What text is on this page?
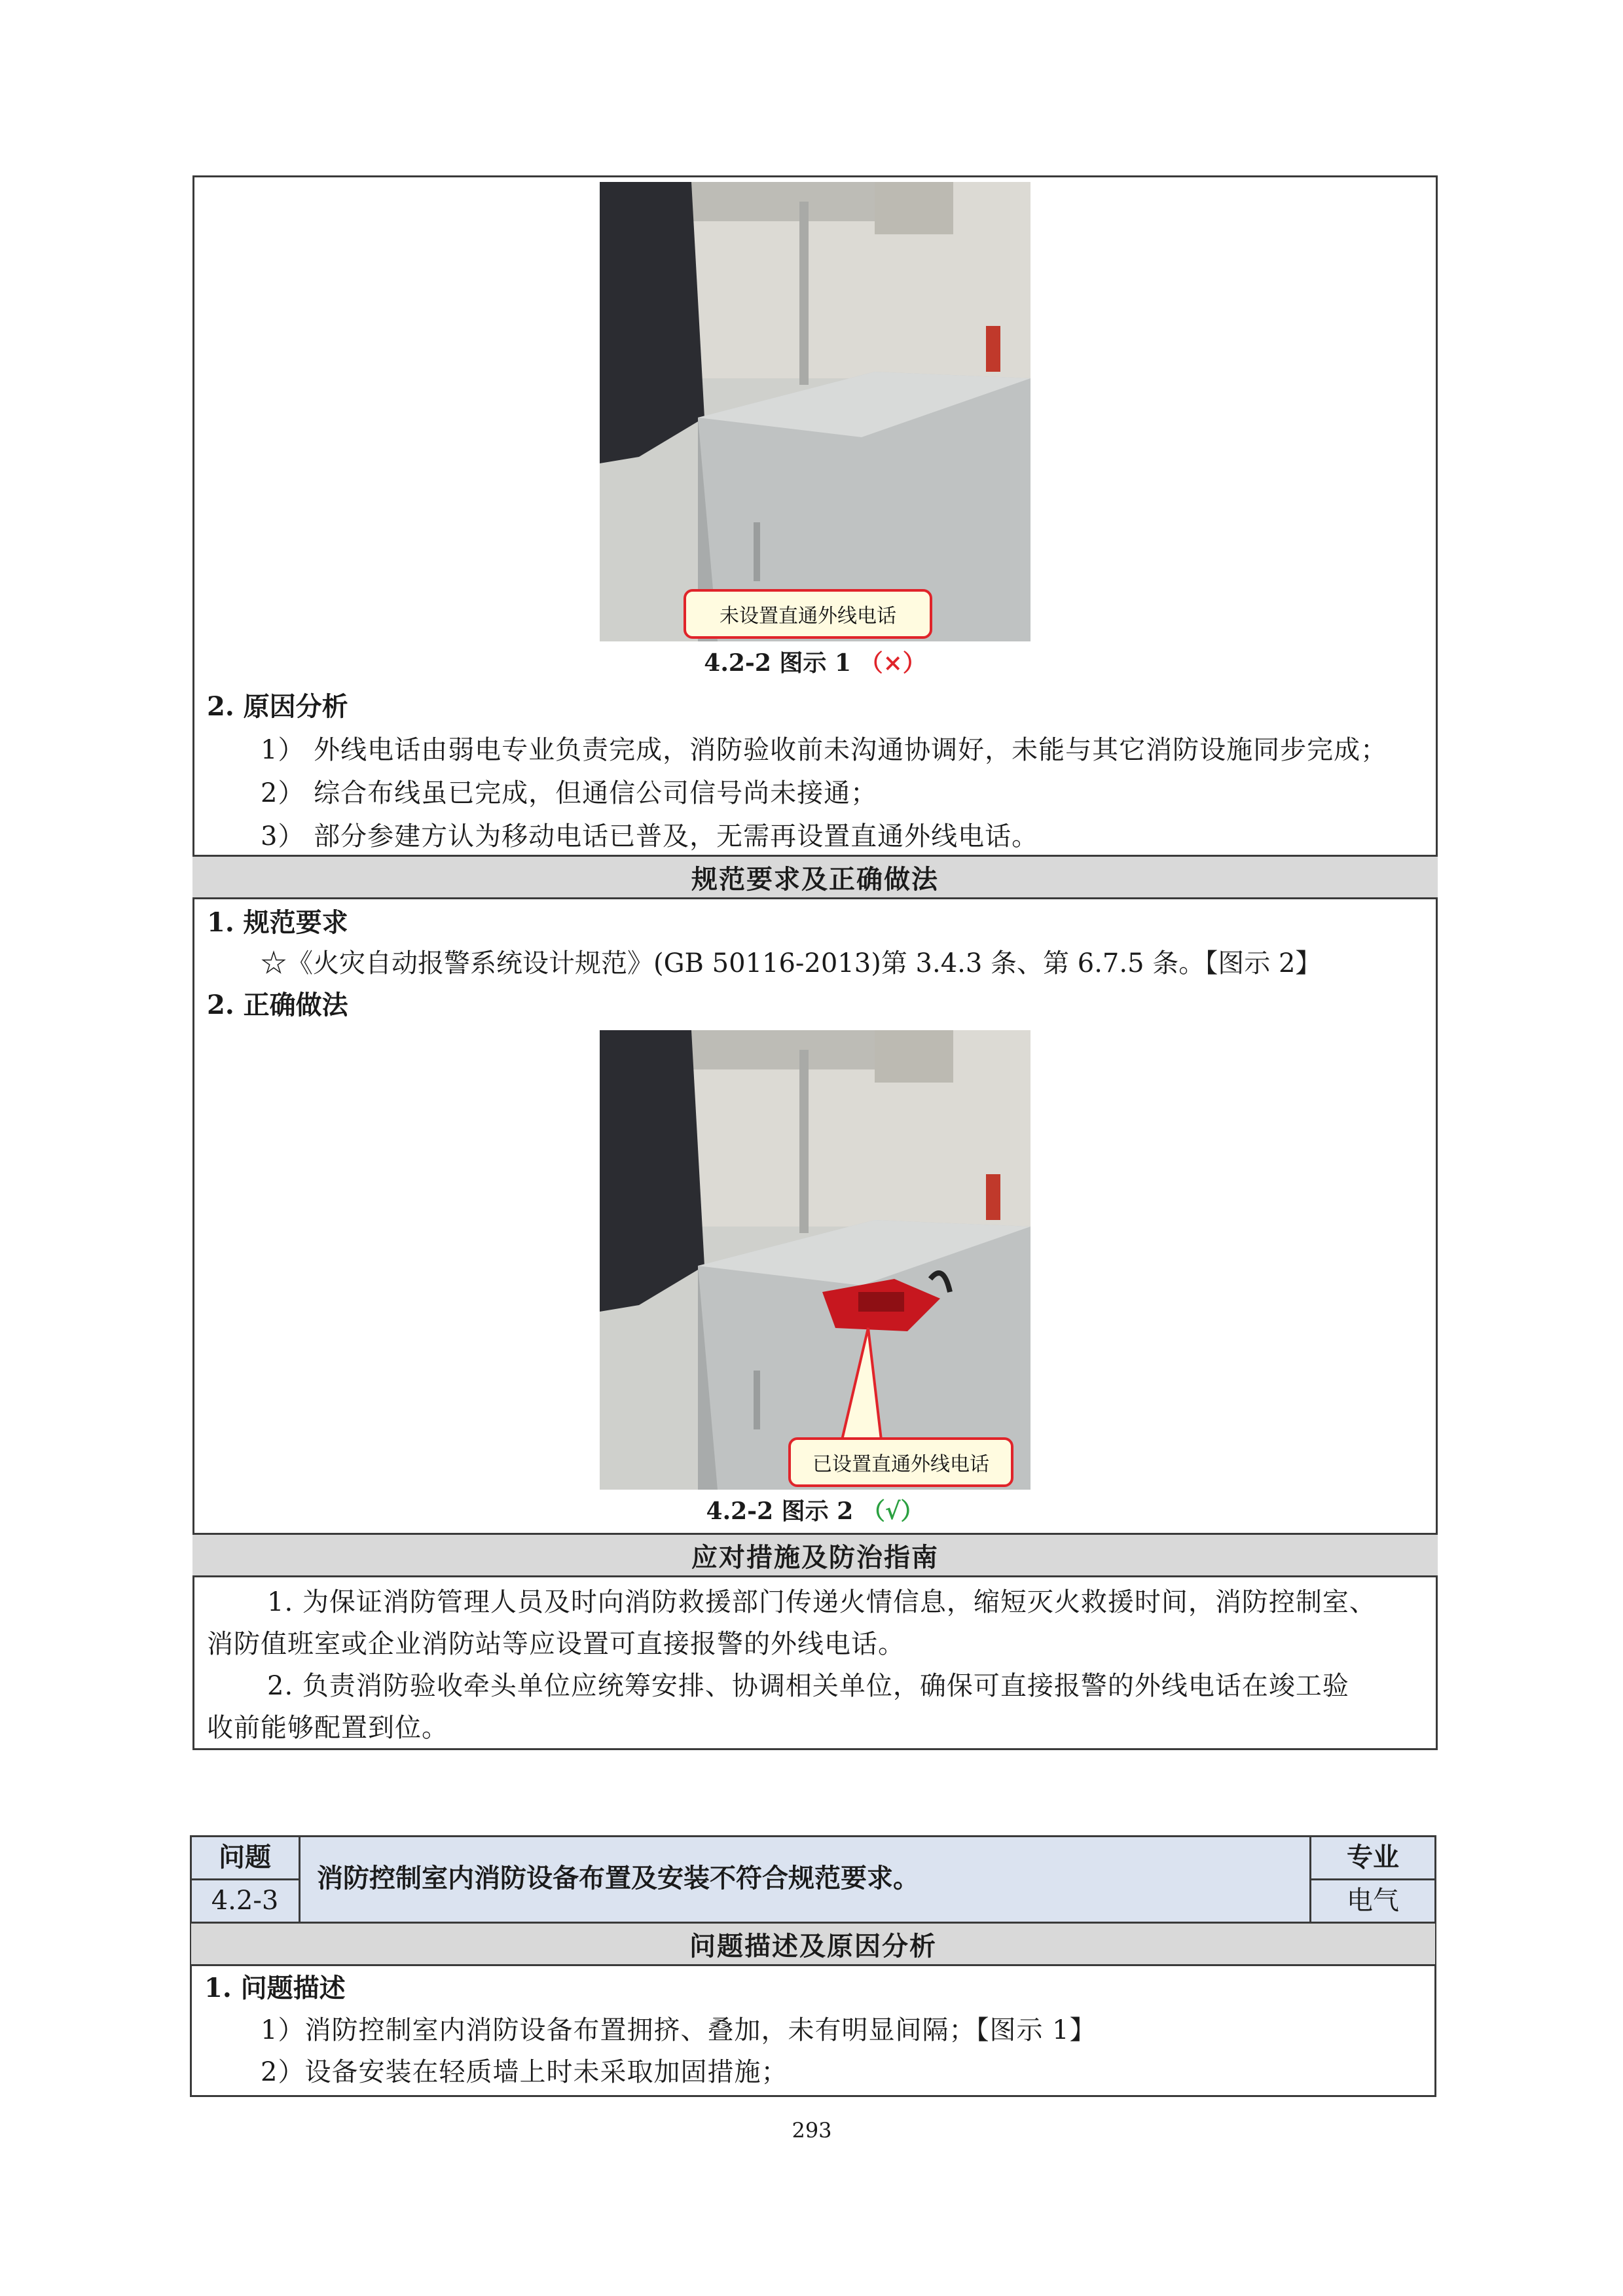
未设置直通外线电话
4.2-2 图示 1 （×）
2. 原因分析
1） 外线电话由弱电专业负责完成，消防验收前未沟通协调好，未能与其它消防设施同步完成；
2） 综合布线虽已完成，但通信公司信号尚未接通；
3） 部分参建方认为移动电话已普及，无需再设置直通外线电话。
规范要求及正确做法
1. 规范要求
☆《火灾自动报警系统设计规范》(GB 50116-2013)第 3.4.3 条、第 6.7.5 条。【图示 2】
2. 正确做法
已设置直通外线电话
4.2-2 图示 2 （√）
应对措施及防治指南
1. 为保证消防管理人员及时向消防救援部门传递火情信息，缩短灭火救援时间，消防控制室、
消防值班室或企业消防站等应设置可直接报警的外线电话。
2. 负责消防验收牵头单位应统筹安排、协调相关单位，确保可直接报警的外线电话在竣工验
收前能够配置到位。
问题
4.2-3
消防控制室内消防设备布置及安装不符合规范要求。
专业
电气
问题描述及原因分析
1. 问题描述
1）消防控制室内消防设备布置拥挤、叠加，未有明显间隔；【图示 1】
2）设备安装在轻质墙上时未采取加固措施；
293
